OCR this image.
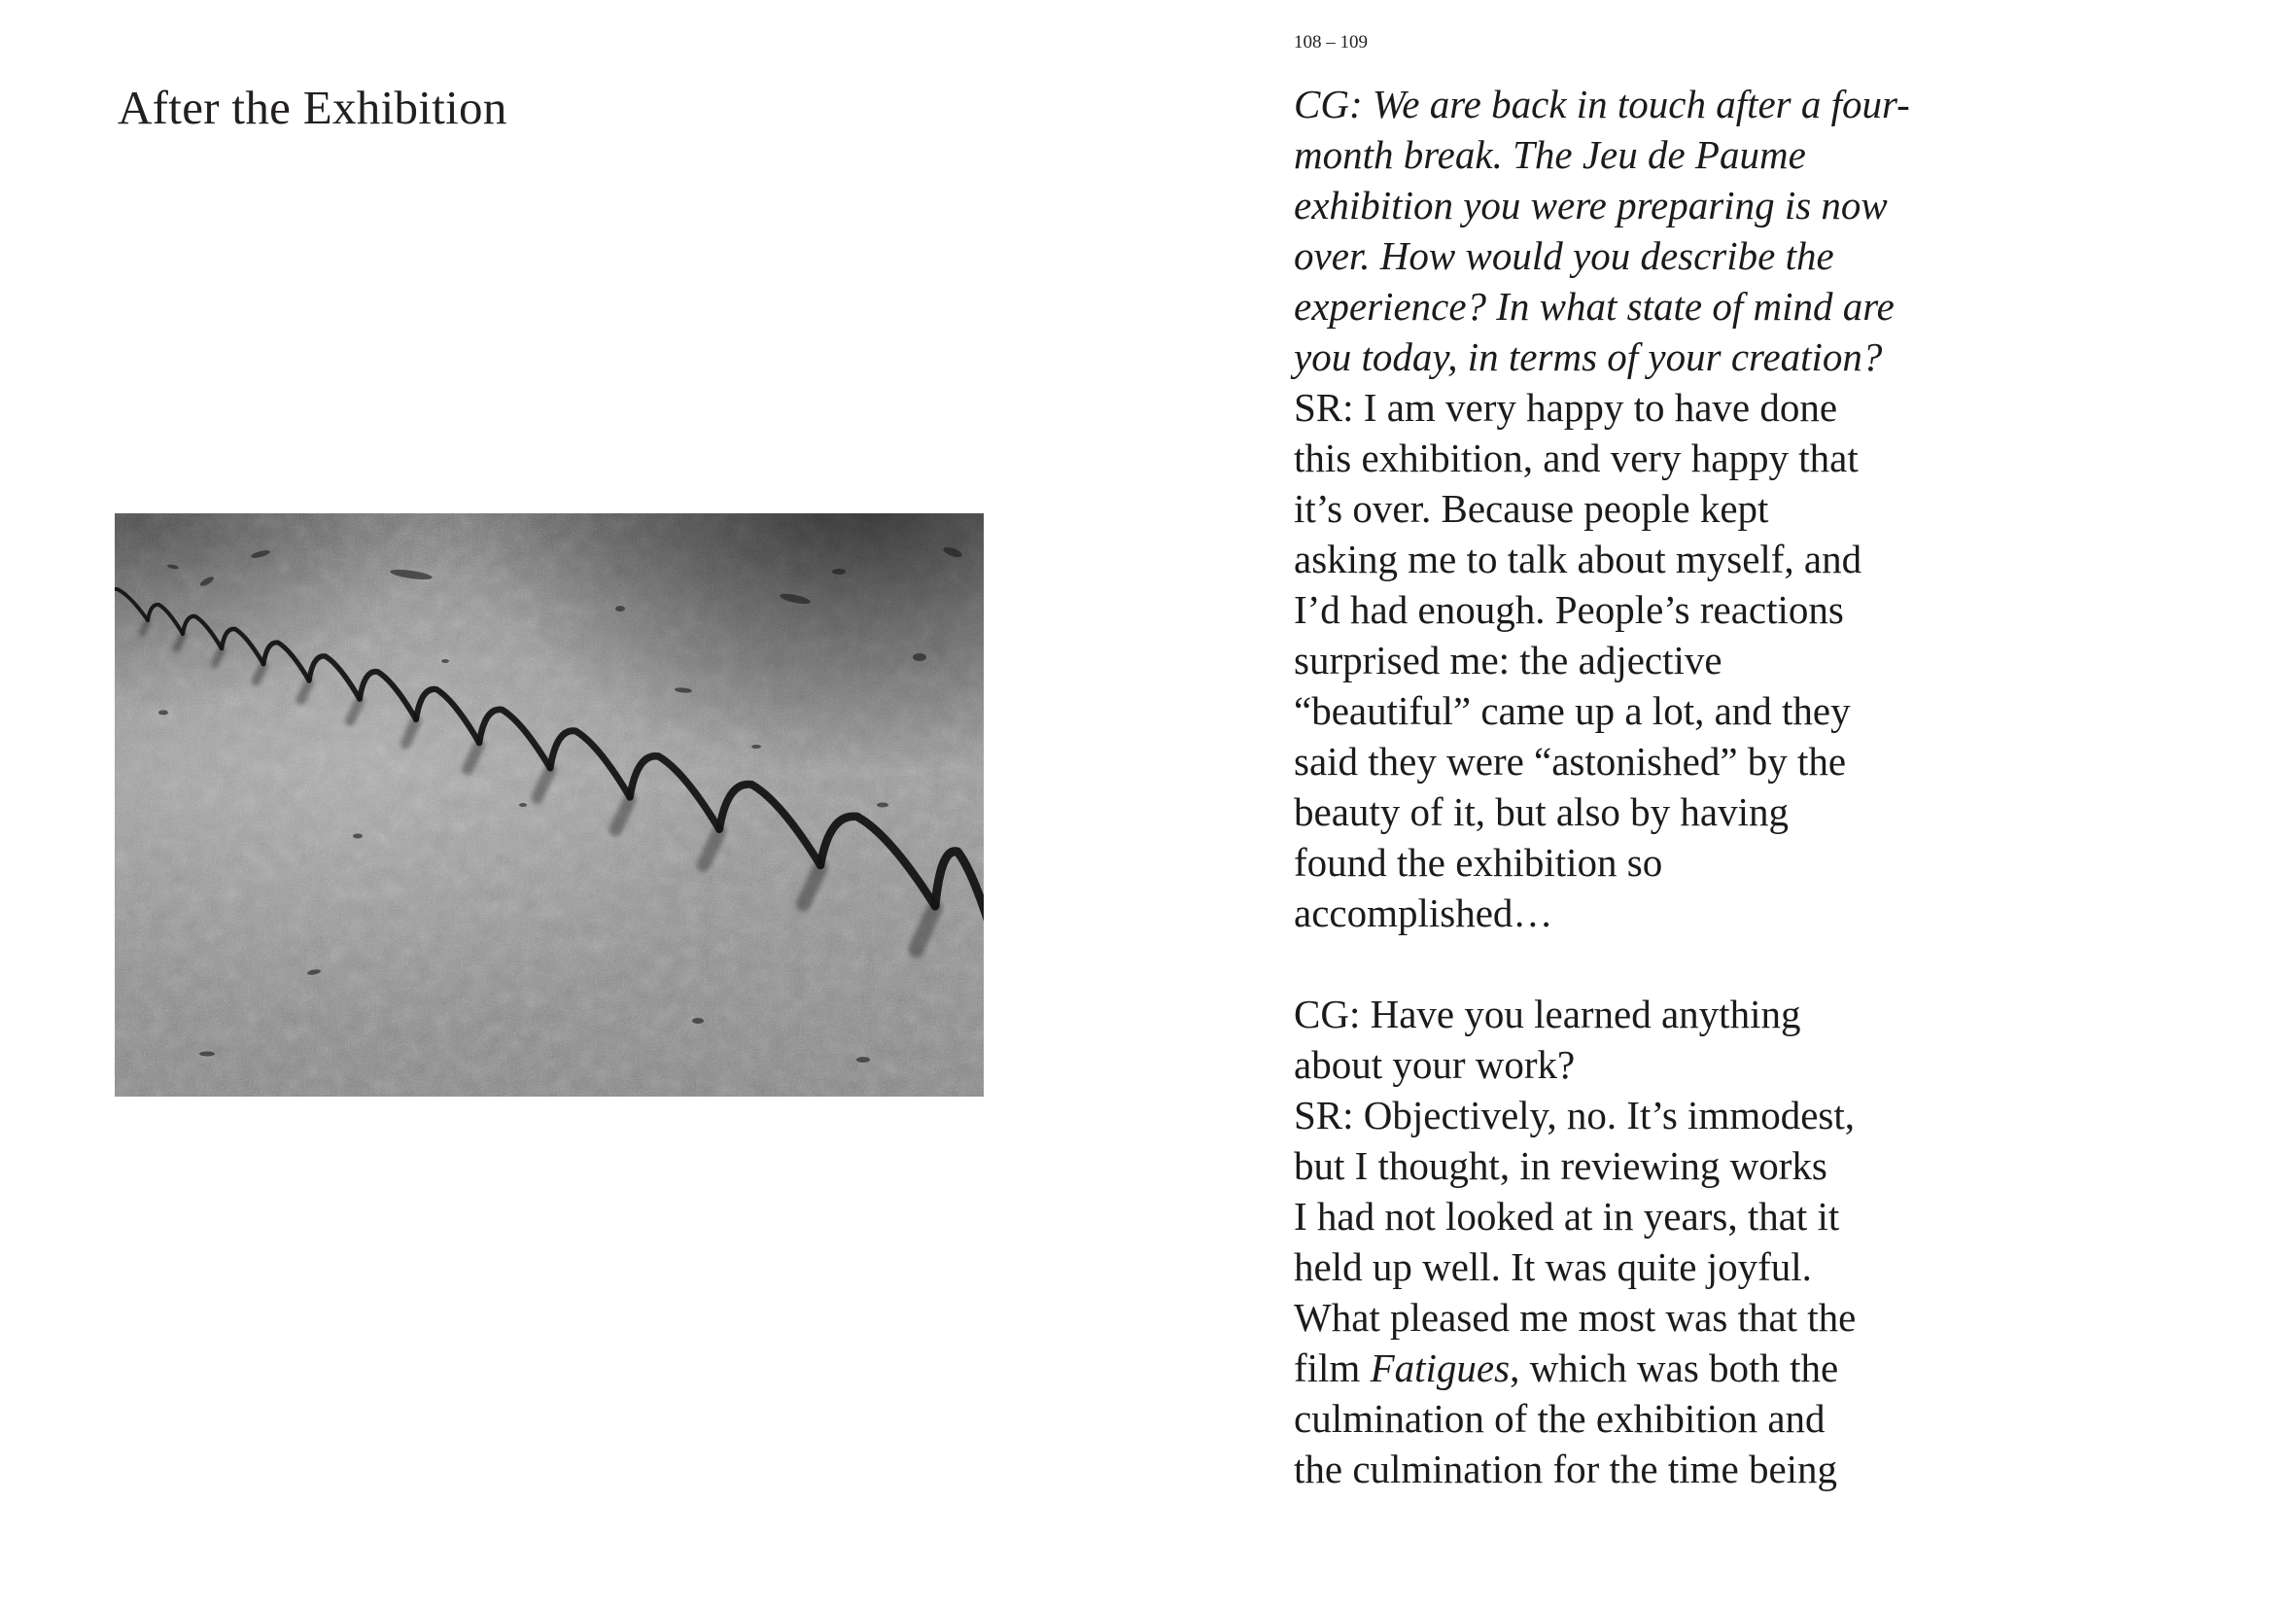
After the Exhibition
108 – 109
CG: We are back in touch after a four-
month break. The Jeu de Paume
exhibition you were preparing is now
over. How would you describe the
experience? In what state of mind are
you today, in terms of your creation?
SR: I am very happy to have done
this exhibition, and very happy that
it’s over. Because people kept
asking me to talk about myself, and
I’d had enough. People’s reactions
surprised me: the adjective
“beautiful” came up a lot, and they
said they were “astonished” by the
beauty of it, but also by having
found the exhibition so
accomplished…
CG: Have you learned anything
about your work?
SR: Objectively, no. It’s immodest,
but I thought, in reviewing works
I had not looked at in years, that it
held up well. It was quite joyful.
What pleased me most was that the
film Fatigues, which was both the
culmination of the exhibition and
the culmination for the time being
